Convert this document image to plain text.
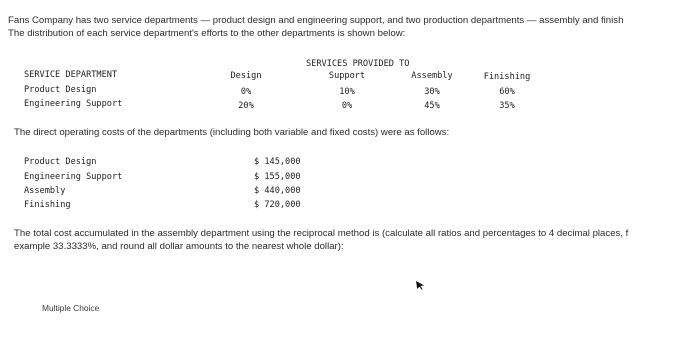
Fans Company has two service departments — product design and engineering support, and two production departments — assembly and finish
The distribution of each service department's efforts to the other departments is shown below:
SERVICES PROVIDED TO
SERVICE DEPARTMENT	Design	Support	Assembly	Finishing
Product Design	0%	10%	30%	60%
Engineering Support	20%	0%	45%	35%
The direct operating costs of the departments (including both variable and fixed costs) were as follows:
Product Design	$ 145,000
Engineering Support	$ 155,000
Assembly	$ 440,000
Finishing	$ 720,000
The total cost accumulated in the assembly department using the reciprocal method is (calculate all ratios and percentages to 4 decimal places, f
example 33.3333%, and round all dollar amounts to the nearest whole dollar):
Multiple Choice
